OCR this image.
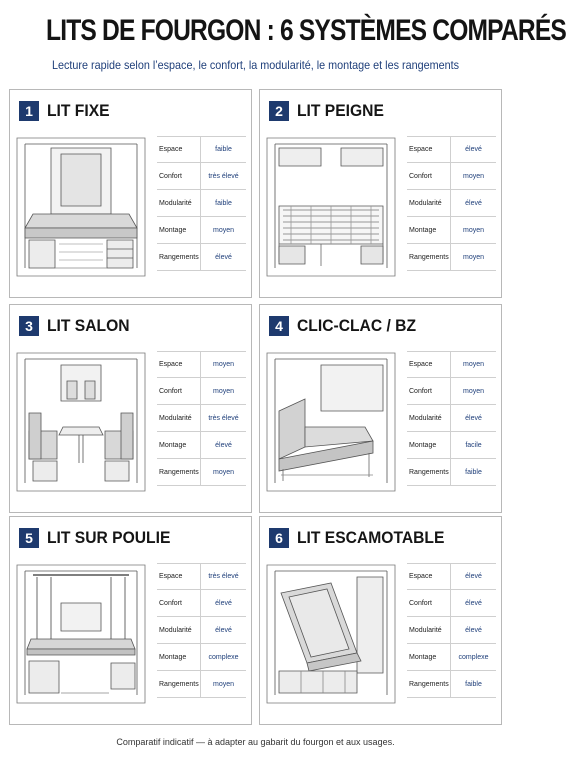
LITS DE FOURGON : 6 SYSTÈMES COMPARÉS
Lecture rapide selon l’espace, le confort, la modularité, le montage et les rangements
1 LIT FIXE
Espace	faible
Confort	très élevé
Modularité	faible
Montage	moyen
Rangements	élevé
2 LIT PEIGNE
Espace	élevé
Confort	moyen
Modularité	élevé
Montage	moyen
Rangements	moyen
3 LIT SALON
Espace	moyen
Confort	moyen
Modularité	très élevé
Montage	élevé
Rangements	moyen
4 CLIC-CLAC / BZ
Espace	moyen
Confort	moyen
Modularité	élevé
Montage	facile
Rangements	faible
5 LIT SUR POULIE
Espace	très élevé
Confort	élevé
Modularité	élevé
Montage	complexe
Rangements	moyen
6 LIT ESCAMOTABLE
Espace	élevé
Confort	élevé
Modularité	élevé
Montage	complexe
Rangements	faible
Comparatif indicatif — à adapter au gabarit du fourgon et aux usages.
